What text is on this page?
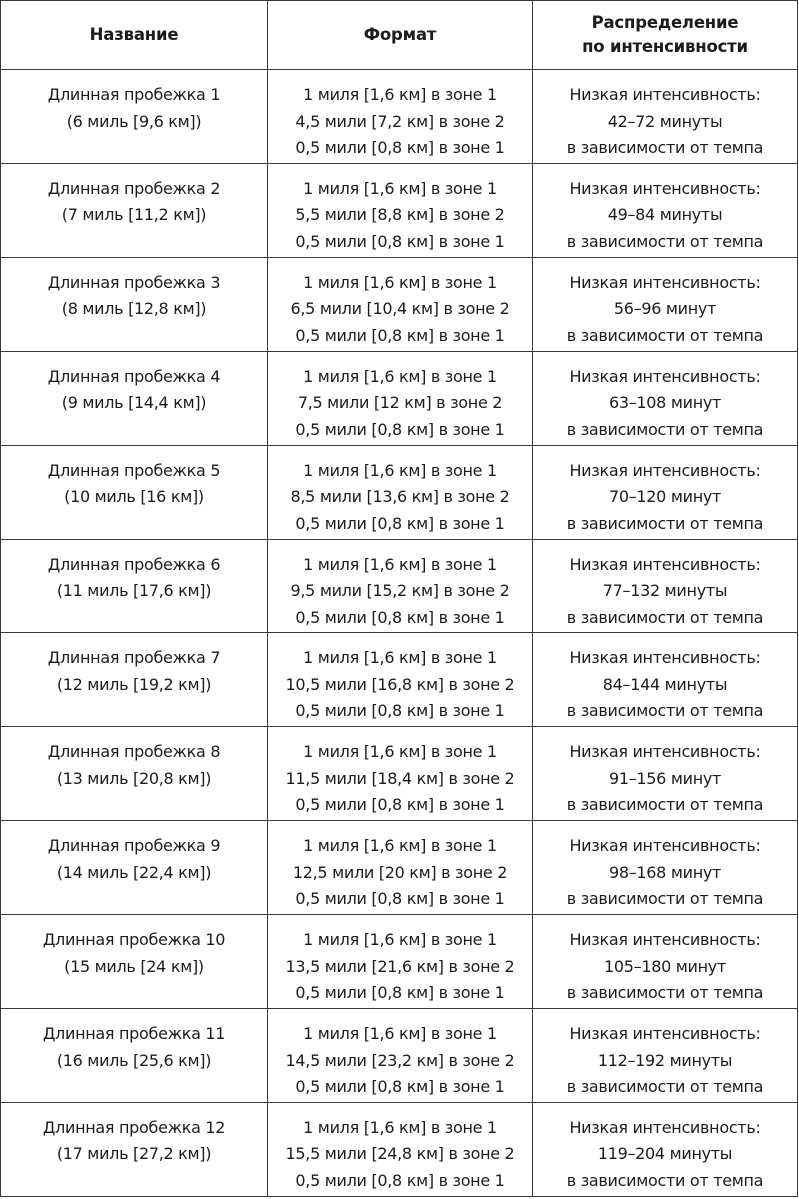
Название	Формат	Распределение
по интенсивности

Длинная пробежка 1
(6 миль [9,6 км])	1 миля [1,6 км] в зоне 1
4,5 мили [7,2 км] в зоне 2
0,5 мили [0,8 км] в зоне 1	Низкая интенсивность:
42–72 минуты
в зависимости от темпа

Длинная пробежка 2
(7 миль [11,2 км])	1 миля [1,6 км] в зоне 1
5,5 мили [8,8 км] в зоне 2
0,5 мили [0,8 км] в зоне 1	Низкая интенсивность:
49–84 минуты
в зависимости от темпа

Длинная пробежка 3
(8 миль [12,8 км])	1 миля [1,6 км] в зоне 1
6,5 мили [10,4 км] в зоне 2
0,5 мили [0,8 км] в зоне 1	Низкая интенсивность:
56–96 минут
в зависимости от темпа

Длинная пробежка 4
(9 миль [14,4 км])	1 миля [1,6 км] в зоне 1
7,5 мили [12 км] в зоне 2
0,5 мили [0,8 км] в зоне 1	Низкая интенсивность:
63–108 минут
в зависимости от темпа

Длинная пробежка 5
(10 миль [16 км])	1 миля [1,6 км] в зоне 1
8,5 мили [13,6 км] в зоне 2
0,5 мили [0,8 км] в зоне 1	Низкая интенсивность:
70–120 минут
в зависимости от темпа

Длинная пробежка 6
(11 миль [17,6 км])	1 миля [1,6 км] в зоне 1
9,5 мили [15,2 км] в зоне 2
0,5 мили [0,8 км] в зоне 1	Низкая интенсивность:
77–132 минуты
в зависимости от темпа

Длинная пробежка 7
(12 миль [19,2 км])	1 миля [1,6 км] в зоне 1
10,5 мили [16,8 км] в зоне 2
0,5 мили [0,8 км] в зоне 1	Низкая интенсивность:
84–144 минуты
в зависимости от темпа

Длинная пробежка 8
(13 миль [20,8 км])	1 миля [1,6 км] в зоне 1
11,5 мили [18,4 км] в зоне 2
0,5 мили [0,8 км] в зоне 1	Низкая интенсивность:
91–156 минут
в зависимости от темпа

Длинная пробежка 9
(14 миль [22,4 км])	1 миля [1,6 км] в зоне 1
12,5 мили [20 км] в зоне 2
0,5 мили [0,8 км] в зоне 1	Низкая интенсивность:
98–168 минут
в зависимости от темпа

Длинная пробежка 10
(15 миль [24 км])	1 миля [1,6 км] в зоне 1
13,5 мили [21,6 км] в зоне 2
0,5 мили [0,8 км] в зоне 1	Низкая интенсивность:
105–180 минут
в зависимости от темпа

Длинная пробежка 11
(16 миль [25,6 км])	1 миля [1,6 км] в зоне 1
14,5 мили [23,2 км] в зоне 2
0,5 мили [0,8 км] в зоне 1	Низкая интенсивность:
112–192 минуты
в зависимости от темпа

Длинная пробежка 12
(17 миль [27,2 км])	1 миля [1,6 км] в зоне 1
15,5 мили [24,8 км] в зоне 2
0,5 мили [0,8 км] в зоне 1	Низкая интенсивность:
119–204 минуты
в зависимости от темпа
